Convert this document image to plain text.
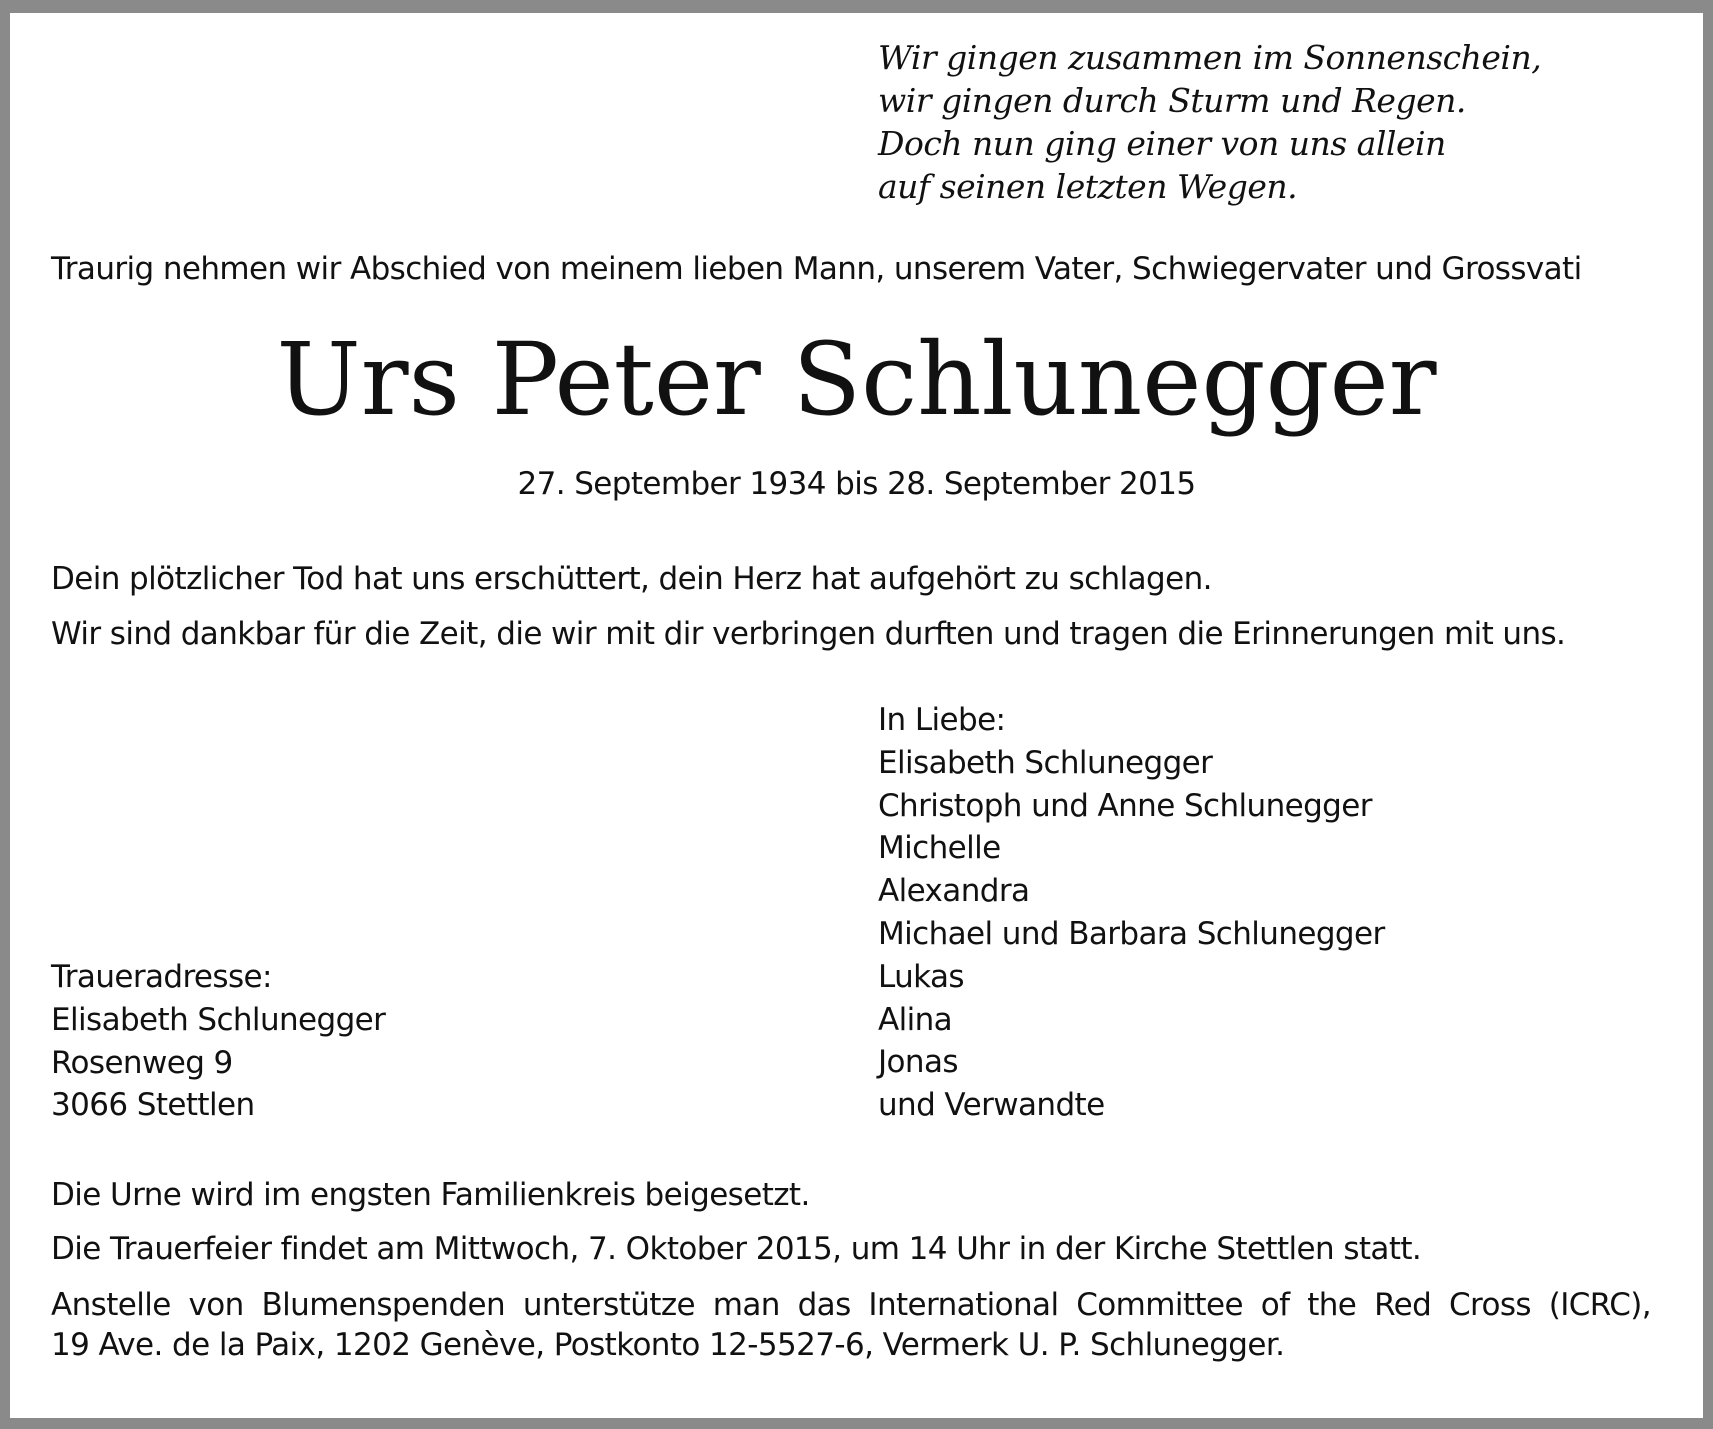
Wir gingen zusammen im Sonnenschein,
wir gingen durch Sturm und Regen.
Doch nun ging einer von uns allein
auf seinen letzten Wegen.
Traurig nehmen wir Abschied von meinem lieben Mann, unserem Vater, Schwiegervater und Grossvati
Urs Peter Schlunegger
27. September 1934 bis 28. September 2015
Dein plötzlicher Tod hat uns erschüttert, dein Herz hat aufgehört zu schlagen.
Wir sind dankbar für die Zeit, die wir mit dir verbringen durften und tragen die Erinnerungen mit uns.
In Liebe:
Elisabeth Schlunegger
Christoph und Anne Schlunegger
Michelle
Alexandra
Michael und Barbara Schlunegger
Lukas
Alina
Jonas
und Verwandte
Traueradresse:
Elisabeth Schlunegger
Rosenweg 9
3066 Stettlen
Die Urne wird im engsten Familienkreis beigesetzt.
Die Trauerfeier findet am Mittwoch, 7. Oktober 2015, um 14 Uhr in der Kirche Stettlen statt.
Anstelle von Blumenspenden unterstütze man das International Committee of the Red Cross (ICRC),
19 Ave. de la Paix, 1202 Genève, Postkonto 12-5527-6, Vermerk U. P. Schlunegger.
